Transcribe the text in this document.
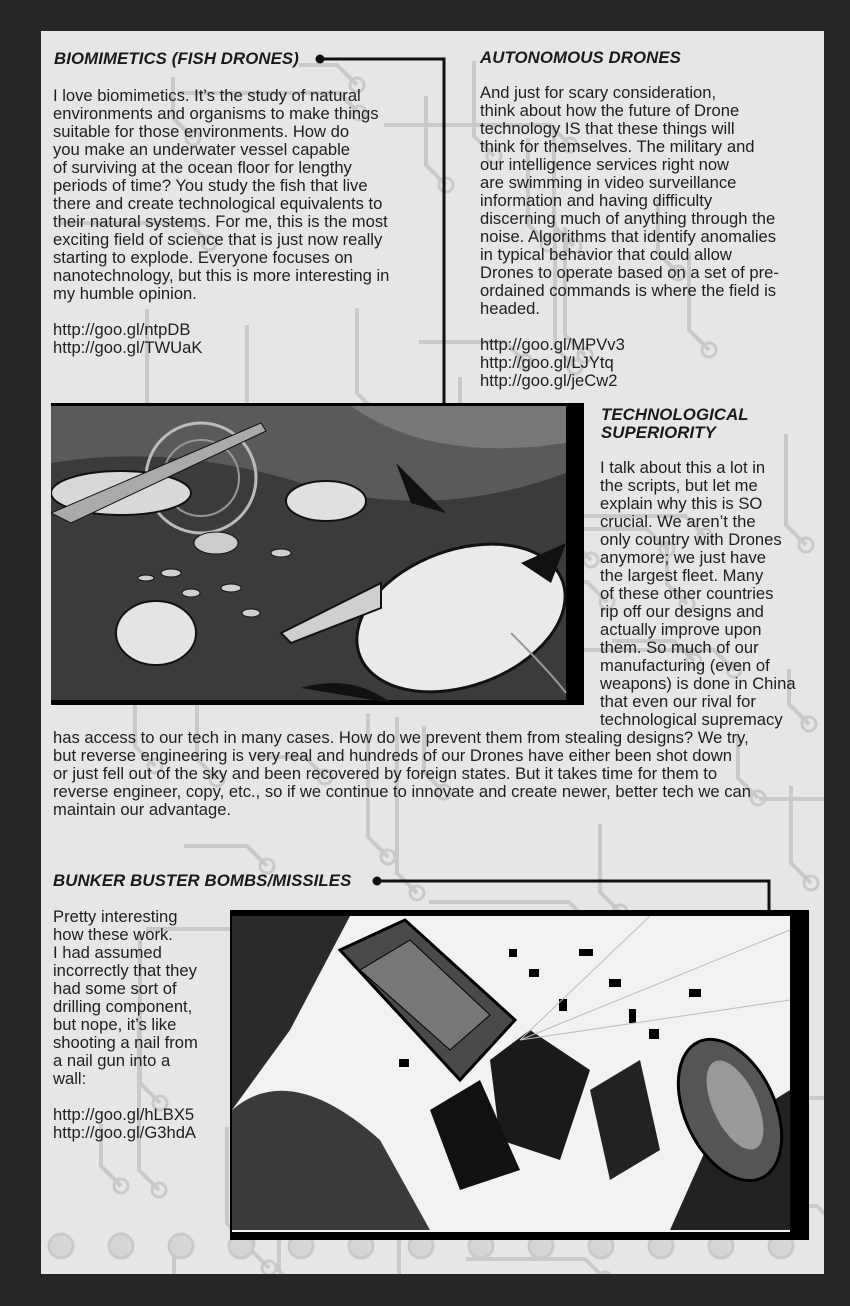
BIOMIMETICS (FISH DRONES)
I love biomimetics. It’s the study of natural
environments and organisms to make things
suitable for those environments. How do
you make an underwater vessel capable
of surviving at the ocean floor for lengthy
periods of time? You study the fish that live
there and create technological equivalents to
their natural systems. For me, this is the most
exciting field of science that is just now really
starting to explode. Everyone focuses on
nanotechnology, but this is more interesting in
my humble opinion.
http://goo.gl/ntpDB
http://goo.gl/TWUaK
AUTONOMOUS DRONES
And just for scary consideration,
think about how the future of Drone
technology IS that these things will
think for themselves. The military and
our intelligence services right now
are swimming in video surveillance
information and having difficulty
discerning much of anything through the
noise. Algorithms that identify anomalies
in typical behavior that could allow
Drones to operate based on a set of pre-
ordained commands is where the field is
headed.
http://goo.gl/MPVv3
http://goo.gl/LJYtq
http://goo.gl/jeCw2
TECHNOLOGICAL
SUPERIORITY
I talk about this a lot in
the scripts, but let me
explain why this is SO
crucial. We aren’t the
only country with Drones
anymore; we just have
the largest fleet. Many
of these other countries
rip off our designs and
actually improve upon
them. So much of our
manufacturing (even of
weapons) is done in China
that even our rival for
technological supremacy
has access to our tech in many cases. How do we prevent them from stealing designs? We try,
but reverse engineering is very real and hundreds of our Drones have either been shot down
or just fell out of the sky and been recovered by foreign states. But it takes time for them to
reverse engineer, copy, etc., so if we continue to innovate and create newer, better tech we can
maintain our advantage.
BUNKER BUSTER BOMBS/MISSILES
Pretty interesting
how these work.
I had assumed
incorrectly that they
had some sort of
drilling component,
but nope, it’s like
shooting a nail from
a nail gun into a
wall:
http://goo.gl/hLBX5
http://goo.gl/G3hdA
